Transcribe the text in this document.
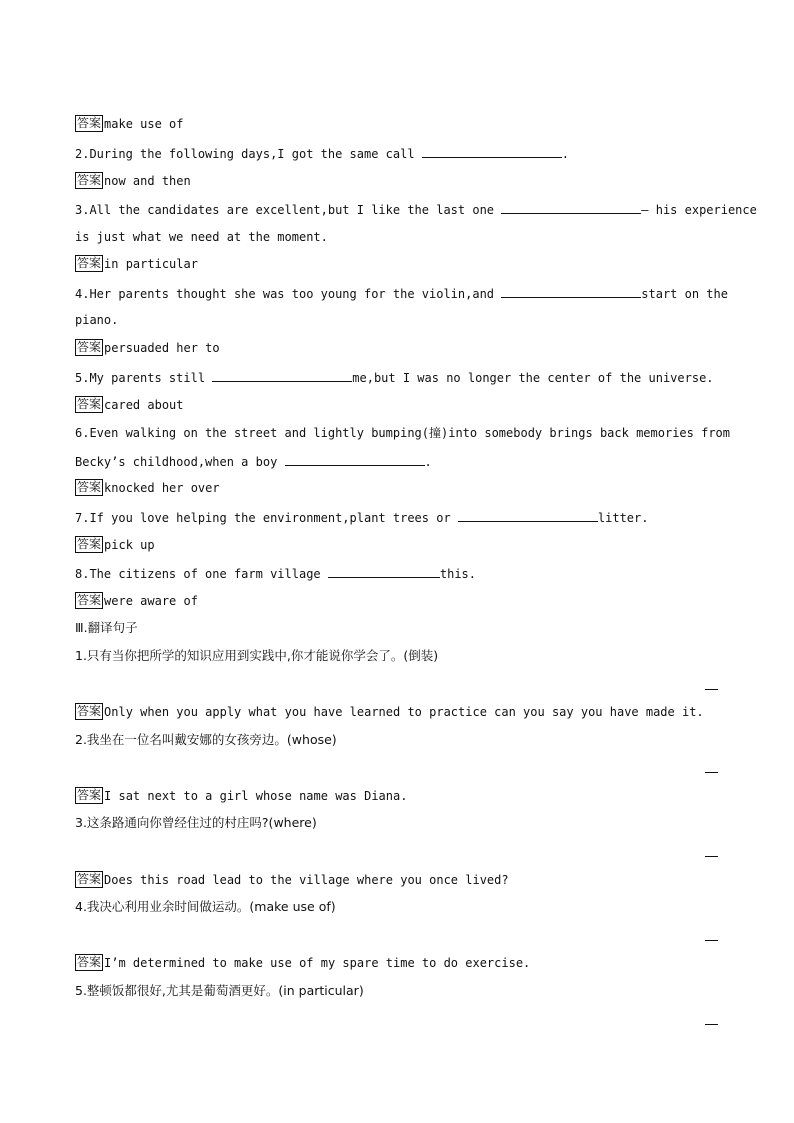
答案 make use of
2.During the following days,I got the same call	.
答案 now and then
3.All the candidates are excellent,but I like the last one	— his experience
is just what we need at the moment.
答案 in particular
4.Her parents thought she was too young for the violin,and	start on the
piano.
答案 persuaded her to
5.My parents still	me,but I was no longer the center of the universe.
答案 cared about
6.Even walking on the street and lightly bumping(撞)into somebody brings back memories from
Becky’s childhood,when a boy	.
答案 knocked her over
7.If you love helping the environment,plant trees or	litter.
答案 pick up
8.The citizens of one farm village	this.
答案 were aware of
Ⅲ.翻译句子
1.只有当你把所学的知识应用到实践中,你才能说你学会了。(倒装)
答案 Only when you apply what you have learned to practice can you say you have made it.
2.我坐在一位名叫戴安娜的女孩旁边。(whose)
答案 I sat next to a girl whose name was Diana.
3.这条路通向你曾经住过的村庄吗?(where)
答案 Does this road lead to the village where you once lived?
4.我决心利用业余时间做运动。(make use of)
答案 I’m determined to make use of my spare time to do exercise.
5.整顿饭都很好,尤其是葡萄酒更好。(in particular)
